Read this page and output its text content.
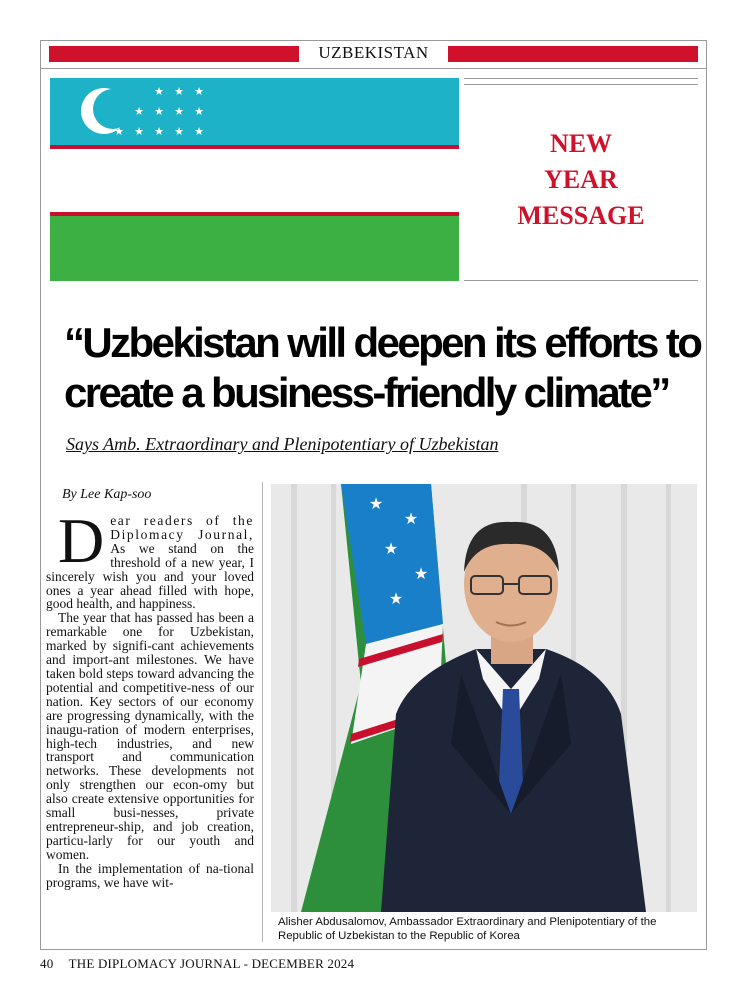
UZBEKISTAN
★ ★ ★
★ ★ ★ ★
★ ★ ★ ★ ★	NEW
YEAR
MESSAGE
“Uzbekistan will deepen its efforts to
create a business-friendly climate”
Says Amb. Extraordinary and Plenipotentiary of Uzbekistan
By Lee Kap-soo

D ear readers of the Diplomacy Journal, As we stand on the threshold of a new year, I sincerely wish you and your loved ones a year ahead filled with hope, good health, and happiness.

The year that has passed has been a remarkable one for Uzbekistan, marked by signifi-cant achievements and import-ant milestones. We have taken bold steps toward advancing the potential and competitive-ness of our nation. Key sectors of our economy are progressing dynamically, with the inaugu-ration of modern enterprises, high-tech industries, and new transport and communication networks. These developments not only strengthen our econ-omy but also create extensive opportunities for small busi-nesses, private entrepreneur-ship, and job creation, particu-larly for our youth and women.

In the implementation of na-tional programs, we have wit-

★
★
★
★
★
Alisher Abdusalomov, Ambassador Extraordinary and Plenipotentiary of the Republic of Uzbekistan to the Republic of Korea
40 THE DIPLOMACY JOURNAL - DECEMBER 2024
